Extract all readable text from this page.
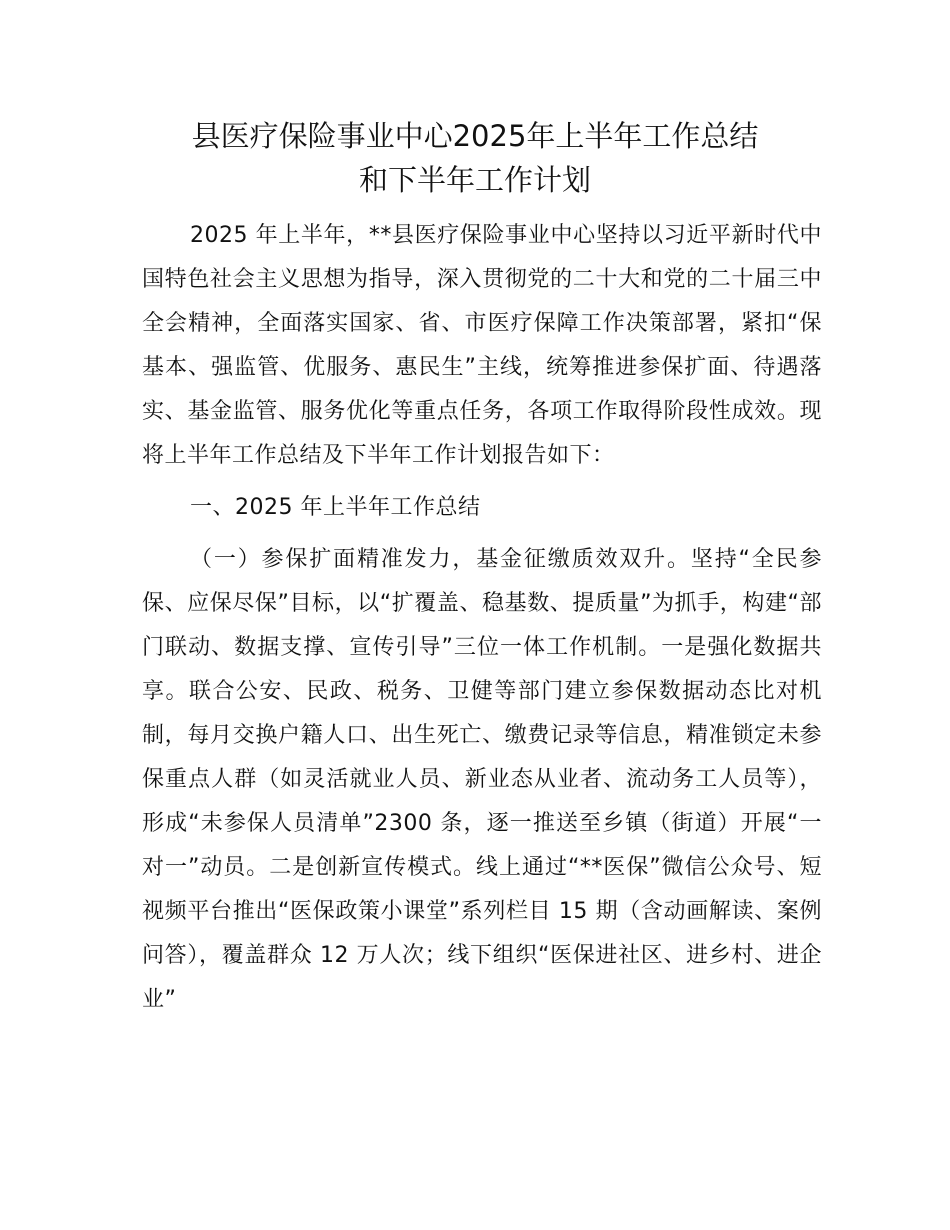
县医疗保险事业中心2025年上半年工作总结
和下半年工作计划

2025 年上半年，**县医疗保险事业中心坚持以习近平新时代中国特色社会主义思想为指导，深入贯彻党的二十大和党的二十届三中全会精神，全面落实国家、省、市医疗保障工作决策部署，紧扣“保基本、强监管、优服务、惠民生”主线，统筹推进参保扩面、待遇落实、基金监管、服务优化等重点任务，各项工作取得阶段性成效。现将上半年工作总结及下半年工作计划报告如下：

一、2025 年上半年工作总结

（一）参保扩面精准发力，基金征缴质效双升。坚持“全民参保、应保尽保”目标，以“扩覆盖、稳基数、提质量”为抓手，构建“部门联动、数据支撑、宣传引导”三位一体工作机制。一是强化数据共享。联合公安、民政、税务、卫健等部门建立参保数据动态比对机制，每月交换户籍人口、出生死亡、缴费记录等信息，精准锁定未参保重点人群（如灵活就业人员、新业态从业者、流动务工人员等），形成“未参保人员清单”2300 条，逐一推送至乡镇（街道）开展“一对一”动员。二是创新宣传模式。线上通过“**医保”微信公众号、短视频平台推出“医保政策小课堂”系列栏目 15 期（含动画解读、案例问答），覆盖群众 12 万人次；线下组织“医保进社区、进乡村、进企业”
